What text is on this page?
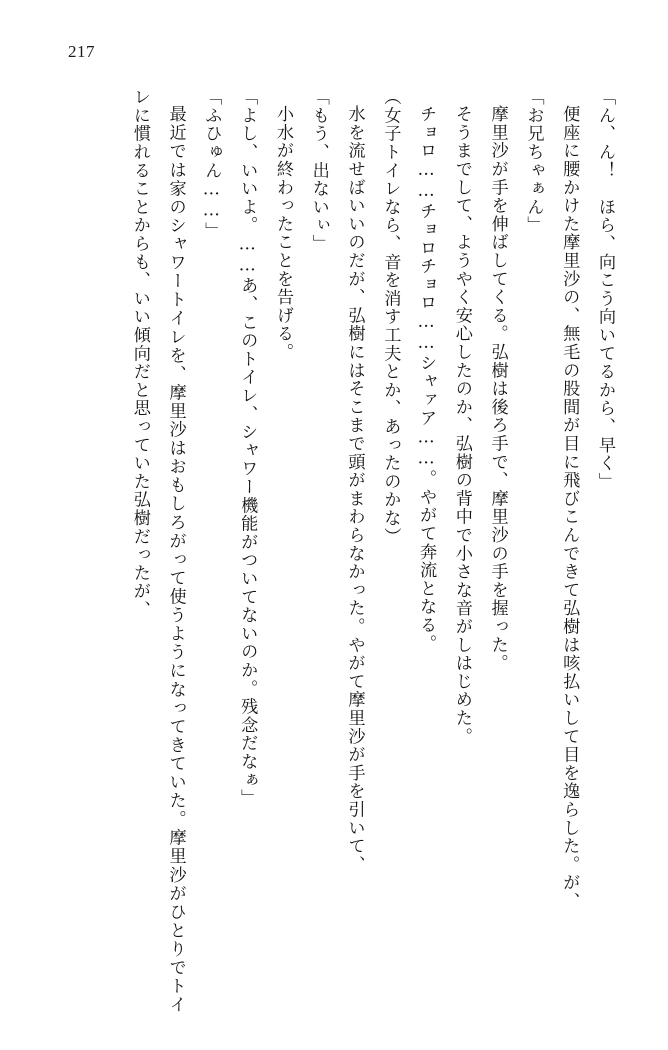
217

「ん、ん！　ほら、向こう向いてるから、早く」

便座に腰かけた摩里沙の、無毛の股間が目に飛びこんできて弘樹は咳払いして目を逸らした。が、

「お兄ちゃぁん」

摩里沙が手を伸ばしてくる。弘樹は後ろ手で、摩里沙の手を握った。

そうまでして、ようやく安心したのか、弘樹の背中で小さな音がしはじめた。

チョロ……チョロチョロ……シャァア……。やがて奔流となる。

（女子トイレなら、音を消す工夫とか、あったのかな）

水を流せばいいのだが、弘樹にはそこまで頭がまわらなかった。やがて摩里沙が手を引いて、

「もう、出ないぃ」

小水が終わったことを告げる。

「よし、いいよ。……あ、このトイレ、シャワー機能がついてないのか。残念だなぁ」

「ふひゅん……」

最近では家のシャワートイレを、摩里沙はおもしろがって使うようになってきていた。摩里沙がひとりでトイレに慣れることからも、いい傾向だと思っていた弘樹だったが、
